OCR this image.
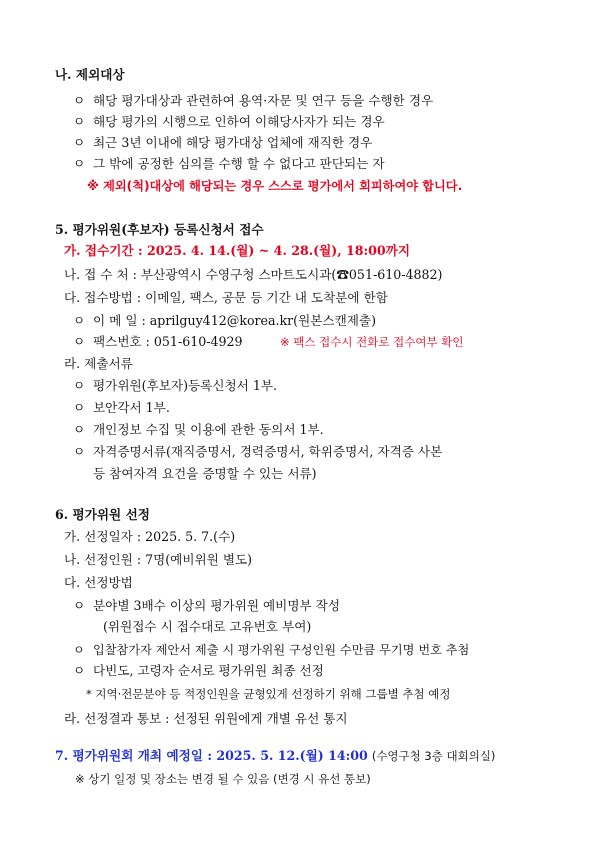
나. 제외대상
ㅇ 해당 평가대상과 관련하여 용역·자문 및 연구 등을 수행한 경우
ㅇ 해당 평가의 시행으로 인하여 이해당사자가 되는 경우
ㅇ 최근 3년 이내에 해당 평가대상 업체에 재직한 경우
ㅇ 그 밖에 공정한 심의를 수행 할 수 없다고 판단되는 자
※ 제외(척)대상에 해당되는 경우 스스로 평가에서 회피하여야 합니다.
5. 평가위원(후보자) 등록신청서 접수
가. 접수기간 : 2025. 4. 14.(월) ~ 4. 28.(월), 18:00까지
나. 접 수 처 : 부산광역시 수영구청 스마트도시과(☎051-610-4882)
다. 접수방법 : 이메일, 팩스, 공문 등 기간 내 도착분에 한함
ㅇ 이 메 일 : aprilguy412@korea.kr(원본스캔제출)
ㅇ 팩스번호 : 051-610-4929	※ 팩스 접수시 전화로 접수여부 확인
라. 제출서류
ㅇ 평가위원(후보자)등록신청서 1부.
ㅇ 보안각서 1부.
ㅇ 개인정보 수집 및 이용에 관한 동의서 1부.
ㅇ 자격증명서류(재직증명서, 경력증명서, 학위증명서, 자격증 사본
등 참여자격 요건을 증명할 수 있는 서류)
6. 평가위원 선정
가. 선정일자 : 2025. 5. 7.(수)
나. 선정인원 : 7명(예비위원 별도)
다. 선정방법
ㅇ 분야별 3배수 이상의 평가위원 예비명부 작성
(위원접수 시 접수대로 고유번호 부여)
ㅇ 입찰참가자 제안서 제출 시 평가위원 구성인원 수만큼 무기명 번호 추첨
ㅇ 다빈도, 고령자 순서로 평가위원 최종 선정
* 지역·전문분야 등 적정인원을 균형있게 선정하기 위해 그룹별 추첨 예정
라. 선정결과 통보 : 선정된 위원에게 개별 유선 통지
7. 평가위원회 개최 예정일 : 2025. 5. 12.(월) 14:00 (수영구청 3층 대회의실)
※ 상기 일정 및 장소는 변경 될 수 있음 (변경 시 유선 통보)
